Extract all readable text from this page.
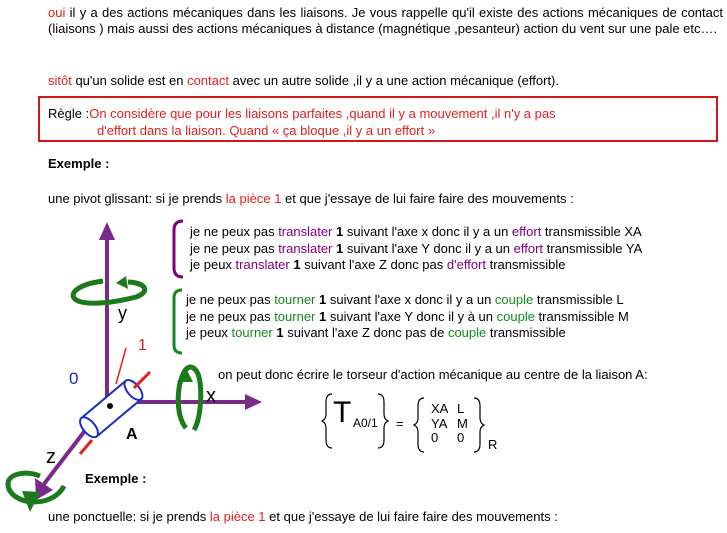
oui il y a des actions mécaniques dans les liaisons. Je vous rappelle qu'il existe des actions mécaniques de contact (liaisons ) mais aussi des actions mécaniques à distance (magnétique ,pesanteur) action du vent sur une pale etc….
sitôt qu'un solide est en contact avec un autre solide ,il y a une action mécanique (effort).
Règle :On considère que pour les liaisons parfaites ,quand il y a mouvement ,il n'y a pas
d'effort dans la liaison. Quand « ça bloque ,il y a un effort »
Exemple :
une pivot glissant: si je prends la pièce 1 et que j'essaye de lui faire faire des mouvements :
je ne peux pas translater 1 suivant l'axe x donc il y a un effort transmissible XA
je ne peux pas translater 1 suivant l'axe Y donc il y a un effort transmissible YA
je peux translater 1 suivant l'axe Z donc pas d'effort transmissible
je ne peux pas tourner 1 suivant l'axe x donc il y a un couple transmissible L
je ne peux pas tourner 1 suivant l'axe Y donc il y à un couple transmissible M
je peux tourner 1 suivant l'axe Z donc pas de couple transmissible
on peut donc écrire le torseur d'action mécanique au centre de la liaison A:
y
x
z
1
0
A
T A0/1 =
XA L
YA M
0 0 R
Exemple :
une ponctuelle: si je prends la pièce 1 et que j'essaye de lui faire faire des mouvements :
